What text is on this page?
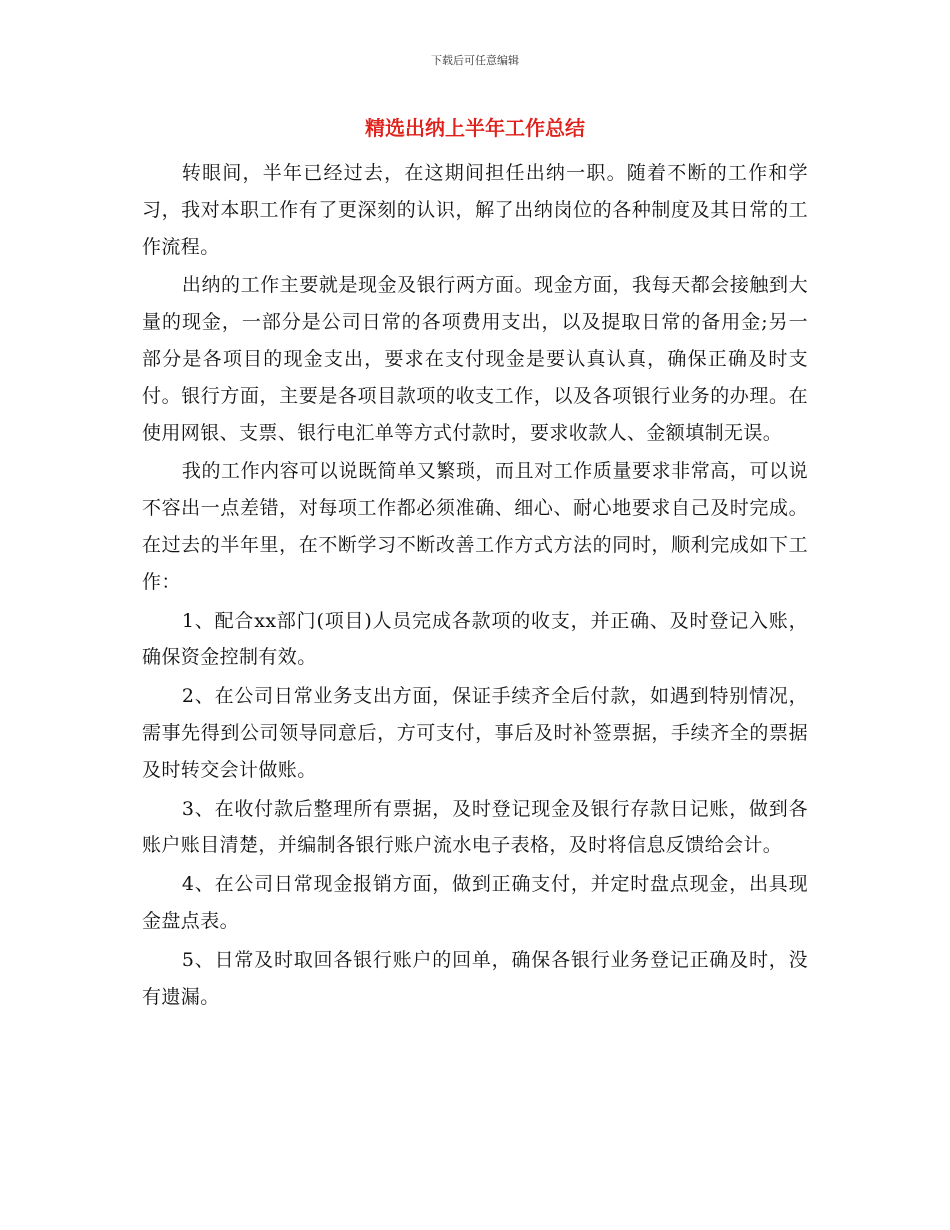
下载后可任意编辑
精选出纳上半年工作总结

转眼间，半年已经过去，在这期间担任出纳一职。随着不断的工作和学习，我对本职工作有了更深刻的认识，解了出纳岗位的各种制度及其日常的工作流程。

出纳的工作主要就是现金及银行两方面。现金方面，我每天都会接触到大量的现金，一部分是公司日常的各项费用支出，以及提取日常的备用金;另一部分是各项目的现金支出，要求在支付现金是要认真认真，确保正确及时支付。银行方面，主要是各项目款项的收支工作，以及各项银行业务的办理。在使用网银、支票、银行电汇单等方式付款时，要求收款人、金额填制无误。

我的工作内容可以说既简单又繁琐，而且对工作质量要求非常高，可以说不容出一点差错，对每项工作都必须准确、细心、耐心地要求自己及时完成。在过去的半年里，在不断学习不断改善工作方式方法的同时，顺利完成如下工作：

1、配合xx部门(项目)人员完成各款项的收支，并正确、及时登记入账，确保资金控制有效。

2、在公司日常业务支出方面，保证手续齐全后付款，如遇到特别情况，需事先得到公司领导同意后，方可支付，事后及时补签票据，手续齐全的票据及时转交会计做账。

3、在收付款后整理所有票据，及时登记现金及银行存款日记账，做到各账户账目清楚，并编制各银行账户流水电子表格，及时将信息反馈给会计。

4、在公司日常现金报销方面，做到正确支付，并定时盘点现金，出具现金盘点表。

5、日常及时取回各银行账户的回单，确保各银行业务登记正确及时，没有遗漏。
